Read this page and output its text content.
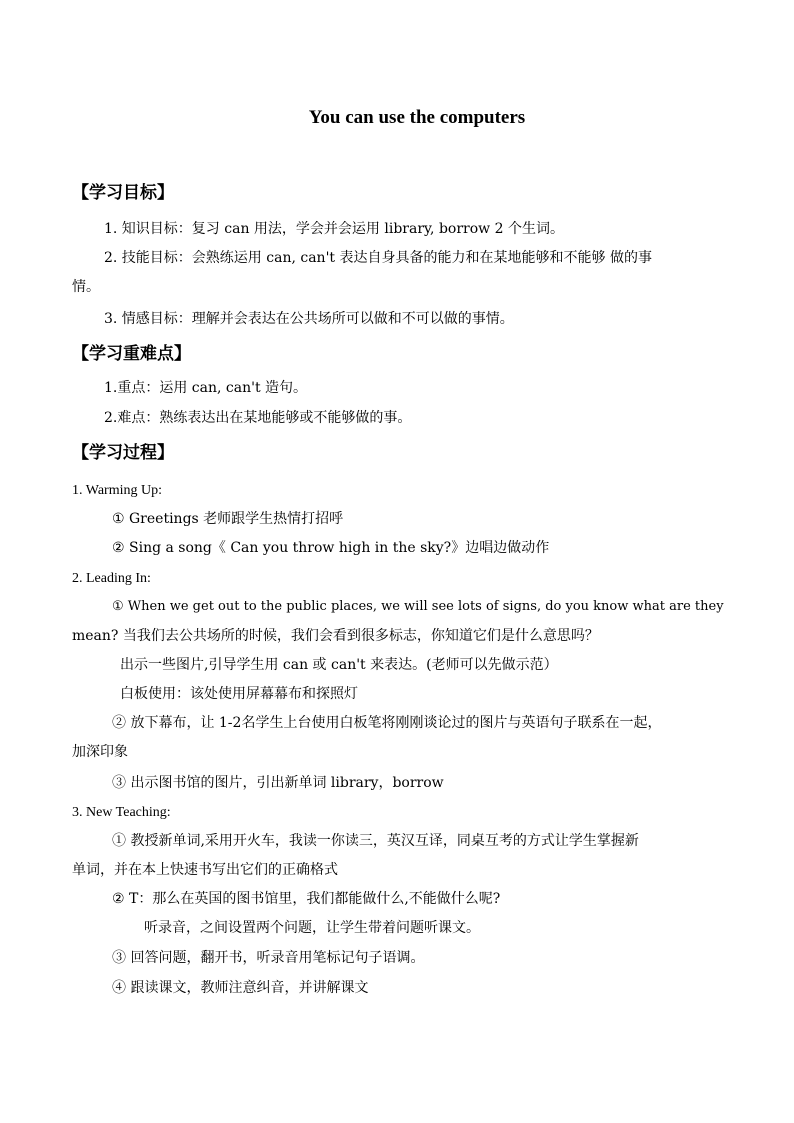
You can use the computers
【学习目标】
1. 知识目标：复习 can 用法，学会并会运用 library, borrow 2 个生词。
2. 技能目标：会熟练运用 can, can't 表达自身具备的能力和在某地能够和不能够 做的事
情。
3. 情感目标：理解并会表达在公共场所可以做和不可以做的事情。
【学习重难点】
1.重点：运用 can, can't 造句。
2.难点：熟练表达出在某地能够或不能够做的事。
【学习过程】
1. Warming Up:
① Greetings 老师跟学生热情打招呼
② Sing a song《 Can you throw high in the sky?》边唱边做动作
2. Leading In:
① When we get out to the public places, we will see lots of signs, do you know what are they
mean? 当我们去公共场所的时候，我们会看到很多标志，你知道它们是什么意思吗？
出示一些图片,引导学生用 can 或 can't 来表达。(老师可以先做示范）
白板使用：该处使用屏幕幕布和探照灯
② 放下幕布，让 1-2名学生上台使用白板笔将刚刚谈论过的图片与英语句子联系在一起，
加深印象
③ 出示图书馆的图片，引出新单词 library，borrow
3. New Teaching:
① 教授新单词,采用开火车，我读一你读三，英汉互译，同桌互考的方式让学生掌握新
单词，并在本上快速书写出它们的正确格式
② T：那么在英国的图书馆里，我们都能做什么,不能做什么呢?
听录音，之间设置两个问题，让学生带着问题听课文。
③ 回答问题，翻开书，听录音用笔标记句子语调。
④ 跟读课文，教师注意纠音，并讲解课文
